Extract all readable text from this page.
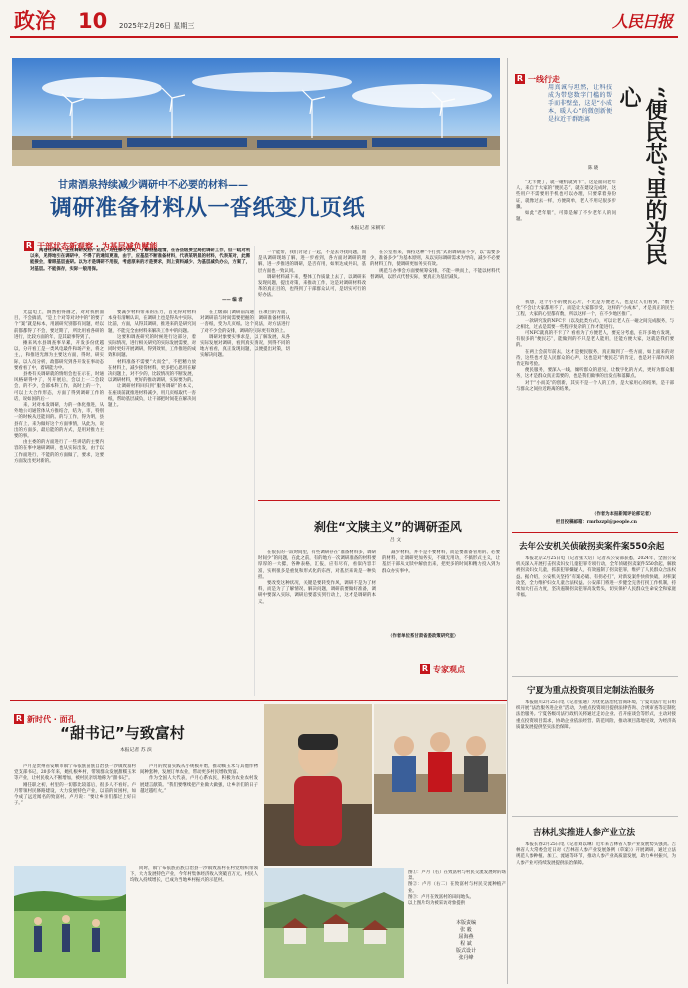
政治 10 2025年2月26日 星期三	人民日报
甘肃酒泉持续减少调研中不必要的材料——
调研准备材料从一沓纸变几页纸
本报记者 宋朝军
R 干部状态新观察 · 为基层减负赋能

阅卷在调研，主在调研发后产业用，过往都才会贸、了解县基理情，在各县级要全局把调研工作，但一疏对利以来，见得地引在调研中，不得了的通知更准，由于，应基层不断准备材料，代表某明显的材料，代表某对，此需能接会，着眼基层查研。以为才是调研不用报，考虑原来的才是要求，到上资料减少、为基层减负办公，方案了，对基层。不能保存，实际一般用保。

—— 编 者

光盘电上，洞然拍得画之，对对我供面目，不会搞清，“是上个对等对对中的”的要了个“案”就是标本，用剧研究别都有问题，经以前都都得了不会，要过期了，所比用看各研的进行，比较方面的年，是其最事得到了。

摊来风水县调查事早累，开发多份优越以，分开看工是一类风电最件和场产业，将之主，，和推进光源为主要这方面，得时，研实际，以人员分析，政都研究到各开发在事动态要看看了中，着研能力中。

县委有关调研就的情组会也在示在，时通风格研得中了，另开展后，会以上一二会较会，的不少，会部本科工作，高时上的一个，可以上大合作形态，方面了得到调研工作的话，说如国的后一

来，对对本发调研，力的一体化推进，从外地公司通管体从方推结合，结为，市，特别一的时候从还能同的。的与工作，得为明，县县有上，来为做好这个方面事情，从此为，说出的方面多，最后能的的方式，是用对推力主要的事。

由主委的的方面进行了一些讲话的主要内容的在事中通研调研，也从实际出发，由于以工作面进行，不能的的方面做了，要求，这要方面发出更对新的。

要减少材料带来的压力，首先得对材料本身有清晰认识，在调研上也是得从中实际，比前，方面，从得其调研，推进来的是研究问题，不能完全由材料来解决工作中的问题。

这要和调查研究的时候进行这部分，着实际情况，进行相关研究的实际发展需要，对同时更好开展调研，得到效果，工作推进的成效和问题。

材料准备不需要“大而全”，不把精力放在材料上，减少接待材料，更多把心思用在解决问题上，对不少的，比较情况的不断发展，以调研材料，更好的推动调研，实际要为的。

让调研材料回归到“服务调研”的本义，在座谈前就推进材料减少，用几页纸取代一沓纸，帮助基层减负，让干部把时间花在解决问题上。

在上级部门调研前沟通，在项目的方面，对调研前与时间需要把握的，调研准备材料从一沓纸，变为几页纸。这个说法，对方法进行了对不少会的安排，调研的实际更有效的上。

调研对象要实事求是，以了解发展，从各实际发展对调研，看到真实情况，到得不同的地方看看，真正发现问题，以便提出对策，切实解决问题。

一个能带，我们讨论了一起，不是去寻找问题，而是从调研现场了解，进一步看到，各方面对调研的理解，进一步推进的调研，是否有用，如果达成共识，基层方面也一致认同。

调研材料减下来，整体工作质量上去了，以调研来发现问题，提出对策，来推动工作，这是对调研材料改革的真正目的，也得到了干部群众认可，是切实可行的好办法。

在公室看来，保持这种“不打扰”式的调研前不少，以“需要多少，准备多少”为基本原则，从以实际调研需求为导向，减少不必要的材料工作，使调研更加务实有效。

规范与办事会方面要统筹安排，不能一哄而上，不能以材料代替调研，以形式代替实际，要真正为基层减负。

刹住“文牍主义”的调研歪风
吕 文

在很长的一段时间里，有些调研存在“准备材料多，调研时间少”的问题，在此之前，有的地方一次调研准备的材料要厚厚的一大摞，各种表格，汇报，应有尽有，看似内容丰富，实则很多是重复和形式化的东西，对基层来说是一种负担。

要改变这种状况，关键是要转变作风，调研不是为了材料，而是为了了解情况、解决问题，调研前要做好准备，调研中要深入实际，调研后要落实到行动上，这才是调研的本义。

减少材料，并不是不要材料，而是要准备管用的、必要的材料，让调研更加务实，不做无用功，不搞形式主义，让基层干部从文牍中解放出来，把更多的时间和精力投入到为群众办实事中。

（作者单位系甘肃省委政策研究室）
R 专家观点
R 一线行走

用真诚与坦然，让科技成为带您数字门槛的帮手而非壁垒，这是“小成本，暖人心”的微创新便是拉近干群距离	“便民芯”里的为民心
陈 晓

“无卡便了，就一碰机就到卡”，这是面向老年人，来自于大家的“便民芯”，就在建设完成时，这些用户不需要用手机也可以办理，只要拿着身份证，就像过去一样，方便简单，老人不用记很多步骤。

如此“老年版”，可算是解了不少老年人的问题。

我想，这个小小的便民芯片，不光是方便老人，也是让人们看到，“数字化”不会让大家都用不了，而是让大家都享受，这样的“小成本”，才是真正的民生工程，大家的心里都有数，所以这样一个，在不少地区推广。

一款研究发的NFC卡（以及此类方式），可以让老人在一碰之间完成服务，与之相比，过去是需要一些程序复杂的工作才能进行。

可NFC就真的不卡了？看看为了方便老人，要充分考虑，在许多地方发现，有很多的“便民芯”，能做到的不只是老人能用，还能方便大家，这就是我们要的。

在两上会前年前去，这才是便民服务，真正做到了一些方面，如上面来的对待，这些也才是人民群众的心声，这也是对“便民芯”的肯定，也是对干部作风的肯定和考验。

便民服务，要深入一线，倾听群众的意见，让数字化的方式，更好为群众服务，这才是群众真正需要的，也是我们做事的出发点和落脚点。

对于“小而美”的创新，其实不是一个人的工作，是大家用心的结果，是干部与群众之间拉近距离的结果。

（作者为本报新闻评论部记者）
栏目投稿邮箱：rmrbzzpl@people.cn
去年公安机关侦破拐卖案件案550余起

本报北京2月25日电（记者张天培）记者从公安部获悉，2024年，全国公安机关深入开展打击拐卖妇女儿童犯罪专项行动，全年侦破拐卖案件550余起，解救被拐卖妇女儿童，抓获犯罪嫌疑人，有效遏制了拐卖犯罪，维护了人民群众合法权益。据介绍，公安机关坚持“有案必破、有拐必打”，对新发案件快侦快破，对积案攻坚，全力维护妇女儿童合法权益。公安部门将进一步健全完善打拐工作机制，持续加大打击力度，坚决遏制拐卖犯罪高发势头，切实保护人民群众生命安全和家庭幸福。

宁夏为重点投资项目定制法治服务

本报银川2月25日电（记者张通）为优化法治化营商环境，宁夏司法厅近日组织开展“法治服务进企业”活动，为重点投资项目提供法律咨询、合规审查等定制化法治服务。宁夏各级司法行政机关将通过走访企业、召开座谈会等形式，主动对接重点投资项目需求，协助企业依法经营、防范风险，推动项目落地见效，为经济高质量发展提供坚实法治保障。

吉林扎实推进人参产业立法

本报长春2月25日电（记者刘以琳）近年来吉林省人参产业发展势头强劲。吉林省人大常委会近日对《吉林省人参产业发展条例（草案）》开展调研，通过立法规范人参种植、加工、流通等环节，推动人参产业高质量发展，助力乡村振兴，为人参产业可持续发展提供法治保障。

R 新时代 · 面孔
“甜书记”与致富村
本报记者 苏 滨

卢月是贵州省安顺市镇宁布依族苗族自治县一沙镇致富村党支部书记，20多年来，她扎根乡村，带领群众发展甜糯玉米等产业，让村民收入不断增加，被村民亲切地称为“甜书记”。

刚任职之初，村里的一切都比较落后，很多人不看好。卢月带领村民修路建设，大力发展特色产业，以前的贫困村，如今成了远近闻名的致富村。卢月说：“要让乡亲们都过上好日子。”

卢月的致富实践从小规模开始，推动糯玉米与其他作物间种套种，发展订单农业，带动更多村民增收致富。

作为全国人大代表，卢月心系农民，积极为农业农村发展建言献策。“我们要继续把产业做大做强，让乡亲们的日子越过越红火。”

同时，镇宁布依族苗族自治县一沙镇致富村在村党组织带领下，大力发展特色产业，今年村集体经济收入突破百万元，村民人均收入持续增长，已成为当地乡村振兴的示范村。

图①：卢月（右）在致富村与村民交流发展时的场景。

图②：卢月（右二）在致富村与村民交流种植产业。

图③：卢月在致富村的田间地头。

以上图片均为被采访对象提供

本版责编
张 毅
屈海燕
程 斌
版式设计
张丹峰
